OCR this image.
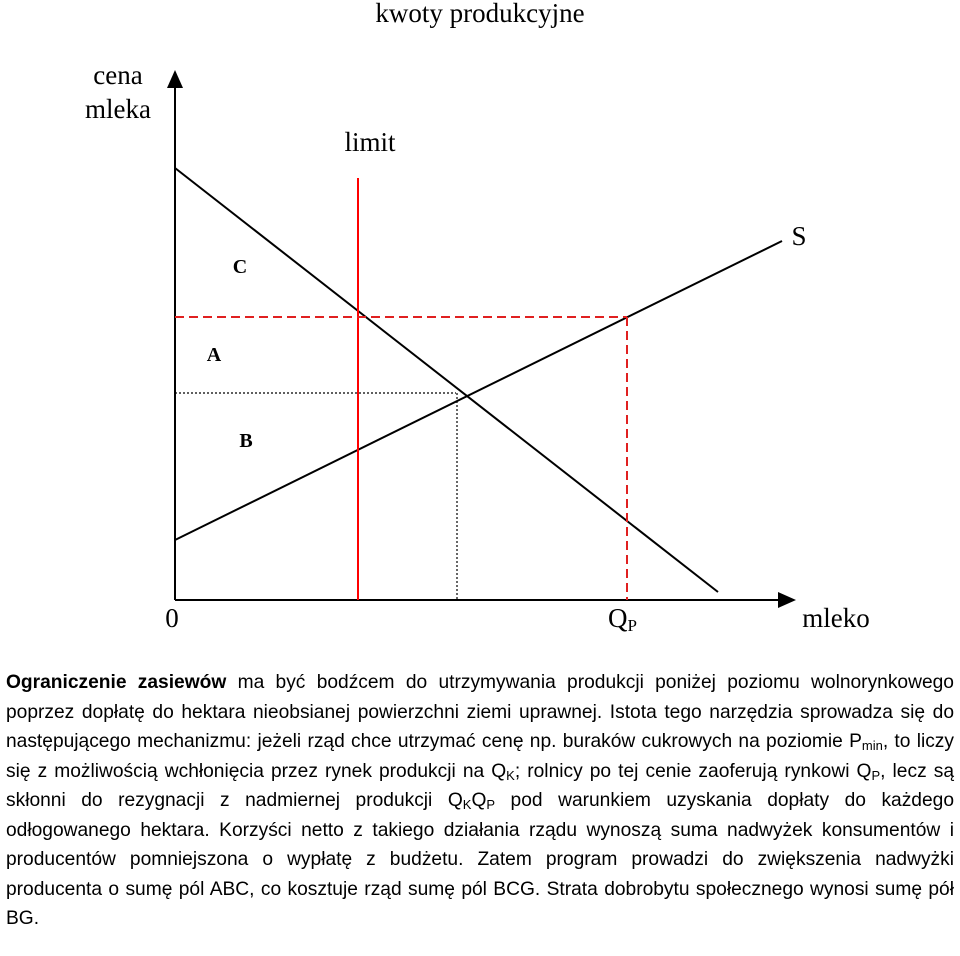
kwoty produkcyjne
cena
mleka
limit
S
C
A
B
0	QP	mleko

Ograniczenie zasiewów ma być bodźcem do utrzymywania produkcji poniżej poziomu wolnorynkowego poprzez dopłatę do hektara nieobsianej powierzchni ziemi uprawnej. Istota tego narzędzia sprowadza się do następującego mechanizmu: jeżeli rząd chce utrzymać cenę np. buraków cukrowych na poziomie $P_{min}$, to liczy się z możliwością wchłonięcia przez rynek produkcji na $Q_K$; rolnicy po tej cenie zaoferują rynkowi $Q_P$, lecz są skłonni do rezygnacji z nadmiernej produkcji $Q_KQ_P$ pod warunkiem uzyskania dopłaty do każdego odłogowanego hektara. Korzyści netto z takiego działania rządu wynoszą suma nadwyżek konsumentów i producentów pomniejszona o wypłatę z budżetu. Zatem program prowadzi do zwiększenia nadwyżki producenta o sumę pól ABC, co kosztuje rząd sumę pól BCG. Strata dobrobytu społecznego wynosi sumę pół BG.
